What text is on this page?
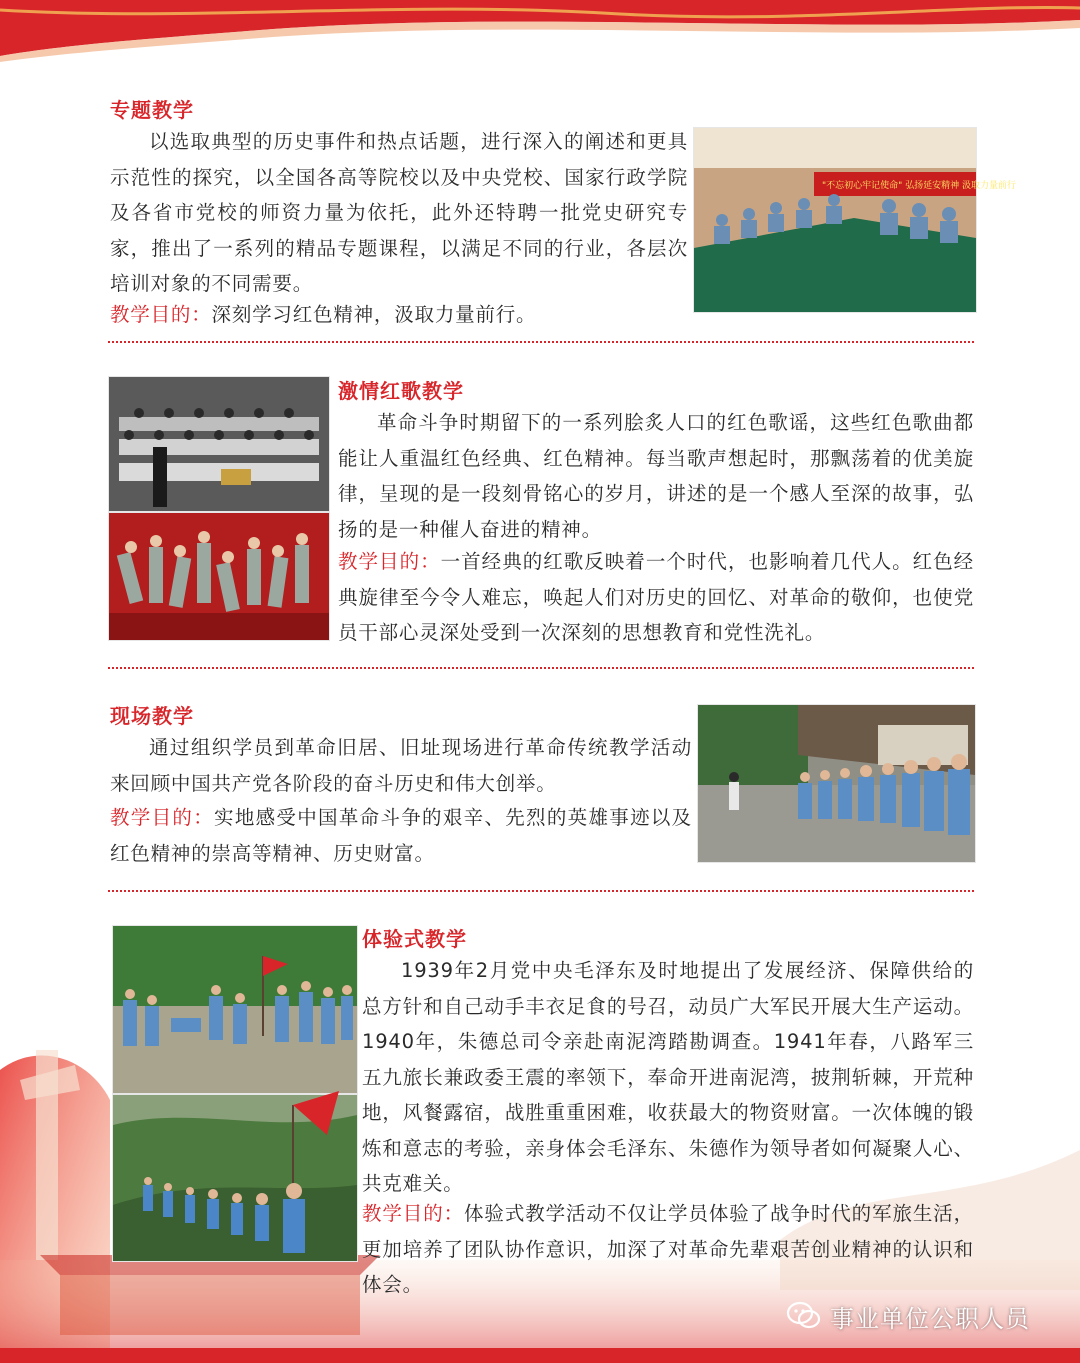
专题教学
以选取典型的历史事件和热点话题，进行深入的阐述和更具示范性的探究，以全国各高等院校以及中央党校、国家行政学院及各省市党校的师资力量为依托，此外还特聘一批党史研究专家，推出了一系列的精品专题课程，以满足不同的行业，各层次培训对象的不同需要。
教学目的：深刻学习红色精神，汲取力量前行。
"不忘初心牢记使命" 弘扬延安精神 汲取力量前行
激情红歌教学
革命斗争时期留下的一系列脍炙人口的红色歌谣，这些红色歌曲都能让人重温红色经典、红色精神。每当歌声想起时，那飘荡着的优美旋律，呈现的是一段刻骨铭心的岁月，讲述的是一个感人至深的故事，弘扬的是一种催人奋进的精神。
教学目的：一首经典的红歌反映着一个时代，也影响着几代人。红色经典旋律至今令人难忘，唤起人们对历史的回忆、对革命的敬仰，也使党员干部心灵深处受到一次深刻的思想教育和党性洗礼。
现场教学
通过组织学员到革命旧居、旧址现场进行革命传统教学活动来回顾中国共产党各阶段的奋斗历史和伟大创举。
教学目的：实地感受中国革命斗争的艰辛、先烈的英雄事迹以及红色精神的崇高等精神、历史财富。
体验式教学
1939年2月党中央毛泽东及时地提出了发展经济、保障供给的总方针和自己动手丰衣足食的号召，动员广大军民开展大生产运动。1940年，朱德总司令亲赴南泥湾踏勘调查。1941年春，八路军三五九旅长兼政委王震的率领下，奉命开进南泥湾，披荆斩棘，开荒种地，风餐露宿，战胜重重困难，收获最大的物资财富。一次体魄的锻炼和意志的考验，亲身体会毛泽东、朱德作为领导者如何凝聚人心、共克难关。
教学目的：体验式教学活动不仅让学员体验了战争时代的军旅生活，更加培养了团队协作意识，加深了对革命先辈艰苦创业精神的认识和体会。
事业单位公职人员
